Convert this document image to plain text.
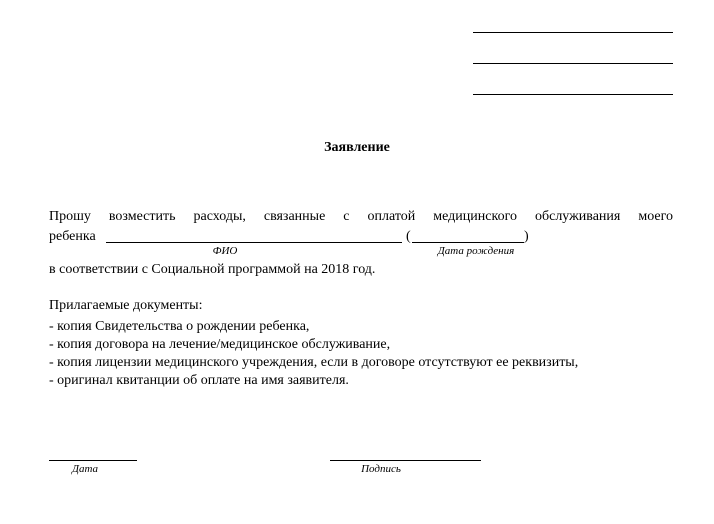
Заявление
Прошу возместить расходы, связанные с оплатой медицинского обслуживания моего
ребенка	(	)
ФИО	Дата рождения
в соответствии с Социальной программой на 2018 год.
Прилагаемые документы:
- копия Свидетельства о рождении ребенка,
- копия договора на лечение/медицинское обслуживание,
- копия лицензии медицинского учреждения, если в договоре отсутствуют ее реквизиты,
- оригинал квитанции об оплате на имя заявителя.
Дата	Подпись
